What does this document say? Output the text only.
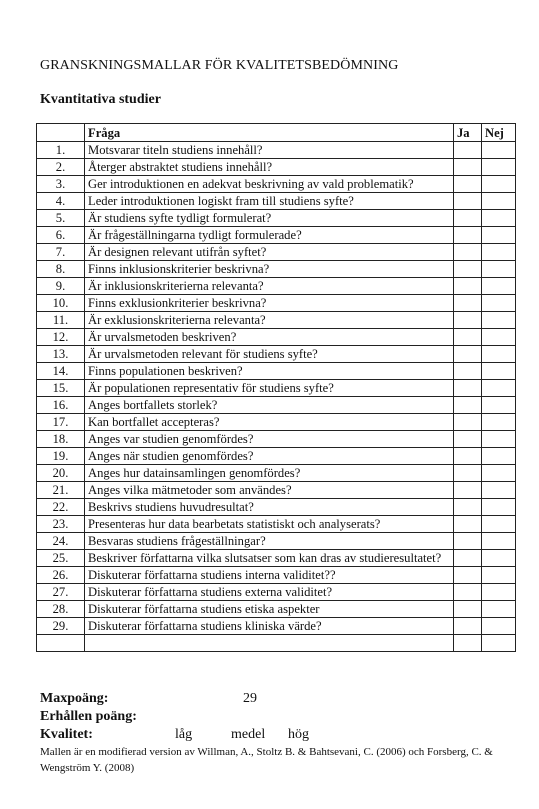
GRANSKNINGSMALLAR FÖR KVALITETSBEDÖMNING
Kvantitativa studier
	Fråga	Ja	Nej
1.	Motsvarar titeln studiens innehåll?		
2.	Återger abstraktet studiens innehåll?		
3.	Ger introduktionen en adekvat beskrivning av vald problematik?		
4.	Leder introduktionen logiskt fram till studiens syfte?		
5.	Är studiens syfte tydligt formulerat?		
6.	Är frågeställningarna tydligt formulerade?		
7.	Är designen relevant utifrån syftet?		
8.	Finns inklusionskriterier beskrivna?		
9.	Är inklusionskriterierna relevanta?		
10.	Finns exklusionkriterier beskrivna?		
11.	Är exklusionskriterierna relevanta?		
12.	Är urvalsmetoden beskriven?		
13.	Är urvalsmetoden relevant för studiens syfte?		
14.	Finns populationen beskriven?		
15.	Är populationen representativ för studiens syfte?		
16.	Anges bortfallets storlek?		
17.	Kan bortfallet accepteras?		
18.	Anges var studien genomfördes?		
19.	Anges när studien genomfördes?		
20.	Anges hur datainsamlingen genomfördes?		
21.	Anges vilka mätmetoder som användes?		
22.	Beskrivs studiens huvudresultat?		
23.	Presenteras hur data bearbetats statistiskt och analyserats?		
24.	Besvaras studiens frågeställningar?		
25.	Beskriver författarna vilka slutsatser som kan dras av studieresultatet?		
26.	Diskuterar författarna studiens interna validitet??		
27.	Diskuterar författarna studiens externa validitet?		
28.	Diskuterar författarna studiens etiska aspekter		
29.	Diskuterar författarna studiens kliniska värde?		

Maxpoäng:	29
Erhållen poäng:
Kvalitet:	låg	medel hög
Mallen är en modifierad version av Willman, A., Stoltz B. & Bahtsevani, C. (2006) och Forsberg, C. & Wengström Y. (2008)
